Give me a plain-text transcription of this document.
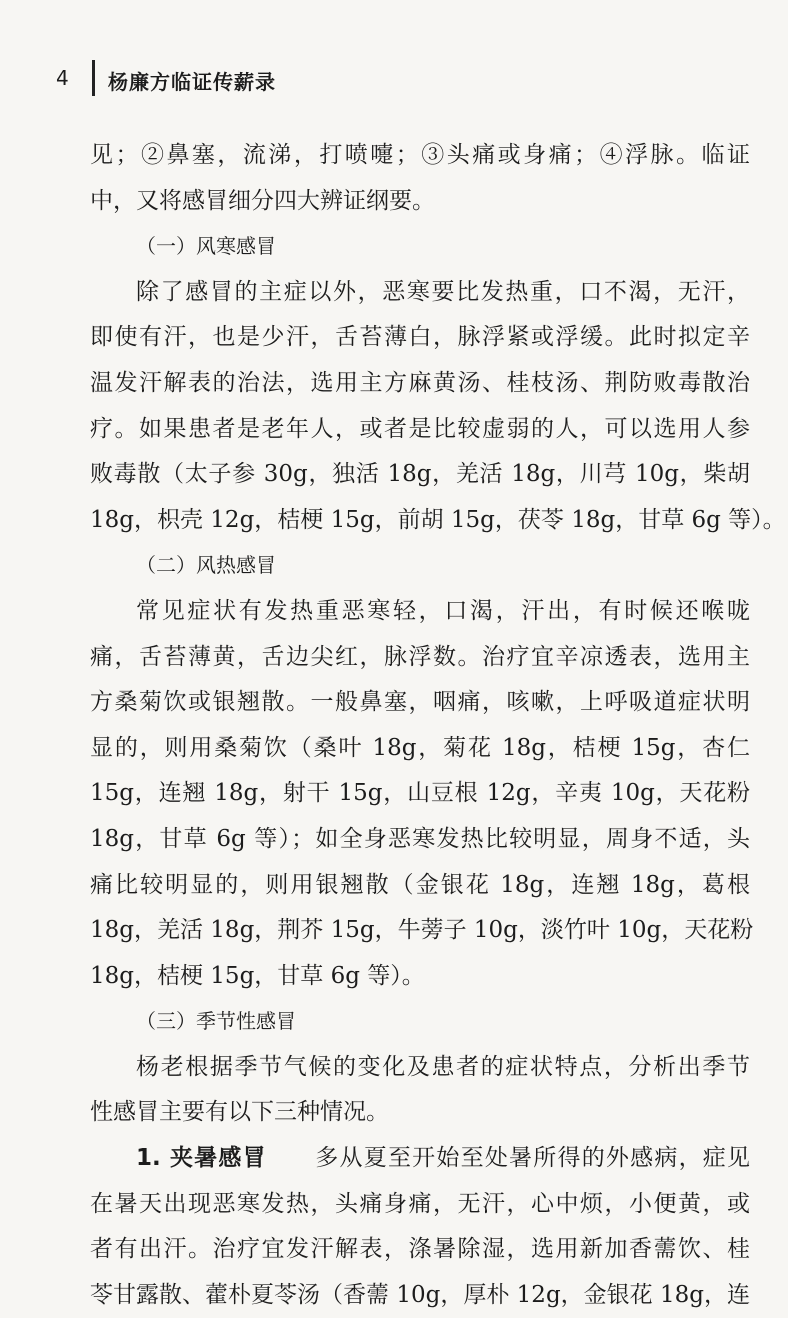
4 杨廉方临证传薪录
见；②鼻塞，流涕，打喷嚏；③头痛或身痛；④浮脉。临证
中，又将感冒细分四大辨证纲要。
（一）风寒感冒
除了感冒的主症以外，恶寒要比发热重，口不渴，无汗，
即使有汗，也是少汗，舌苔薄白，脉浮紧或浮缓。此时拟定辛
温发汗解表的治法，选用主方麻黄汤、桂枝汤、荆防败毒散治
疗。如果患者是老年人，或者是比较虚弱的人，可以选用人参
败毒散（太子参 30g，独活 18g，羌活 18g，川芎 10g，柴胡
18g，枳壳 12g，桔梗 15g，前胡 15g，茯苓 18g，甘草 6g 等）。
（二）风热感冒
常见症状有发热重恶寒轻，口渴，汗出，有时候还喉咙
痛，舌苔薄黄，舌边尖红，脉浮数。治疗宜辛凉透表，选用主
方桑菊饮或银翘散。一般鼻塞，咽痛，咳嗽，上呼吸道症状明
显的，则用桑菊饮（桑叶 18g，菊花 18g，桔梗 15g，杏仁
15g，连翘 18g，射干 15g，山豆根 12g，辛夷 10g，天花粉
18g，甘草 6g 等）；如全身恶寒发热比较明显，周身不适，头
痛比较明显的，则用银翘散（金银花 18g，连翘 18g，葛根
18g，羌活 18g，荆芥 15g，牛蒡子 10g，淡竹叶 10g，天花粉
18g，桔梗 15g，甘草 6g 等）。
（三）季节性感冒
杨老根据季节气候的变化及患者的症状特点，分析出季节
性感冒主要有以下三种情况。
1. 夹暑感冒　　 多从夏至开始至处暑所得的外感病，症见
在暑天出现恶寒发热，头痛身痛，无汗，心中烦，小便黄，或
者有出汗。治疗宜发汗解表，涤暑除湿，选用新加香薷饮、桂
苓甘露散、藿朴夏苓汤（香薷 10g，厚朴 12g，金银花 18g，连
